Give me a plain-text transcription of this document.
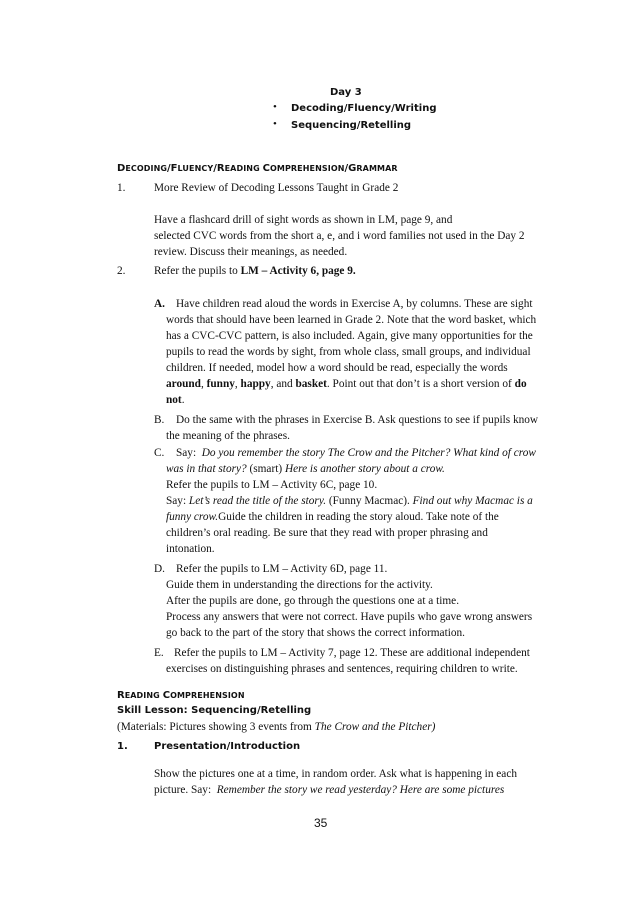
Day 3
• Decoding/Fluency/Writing
• Sequencing/Retelling
DECODING/FLUENCY/READING COMPREHENSION/GRAMMAR
1.	More Review of Decoding Lessons Taught in Grade 2
Have a flashcard drill of sight words as shown in LM, page 9, and
selected CVC words from the short a, e, and i word families not used in the Day 2
review. Discuss their meanings, as needed.
2.	Refer the pupils to LM – Activity 6, page 9.
A. Have children read aloud the words in Exercise A, by columns. These are sight
words that should have been learned in Grade 2. Note that the word basket, which
has a CVC-CVC pattern, is also included. Again, give many opportunities for the
pupils to read the words by sight, from whole class, small groups, and individual
children. If needed, model how a word should be read, especially the words
around, funny, happy, and basket. Point out that don’t is a short version of do
not.
B. Do the same with the phrases in Exercise B. Ask questions to see if pupils know
the meaning of the phrases.
C. Say: Do you remember the story The Crow and the Pitcher? What kind of crow
was in that story? (smart) Here is another story about a crow.
Refer the pupils to LM – Activity 6C, page 10.
Say: Let’s read the title of the story. (Funny Macmac). Find out why Macmac is a
funny crow.Guide the children in reading the story aloud. Take note of the
children’s oral reading. Be sure that they read with proper phrasing and
intonation.
D. Refer the pupils to LM – Activity 6D, page 11.
Guide them in understanding the directions for the activity.
After the pupils are done, go through the questions one at a time.
Process any answers that were not correct. Have pupils who gave wrong answers
go back to the part of the story that shows the correct information.
E. Refer the pupils to LM – Activity 7, page 12. These are additional independent
exercises on distinguishing phrases and sentences, requiring children to write.
READING COMPREHENSION
Skill Lesson: Sequencing/Retelling
(Materials: Pictures showing 3 events from The Crow and the Pitcher)
1.	Presentation/Introduction
Show the pictures one at a time, in random order. Ask what is happening in each
picture. Say: Remember the story we read yesterday? Here are some pictures
35
